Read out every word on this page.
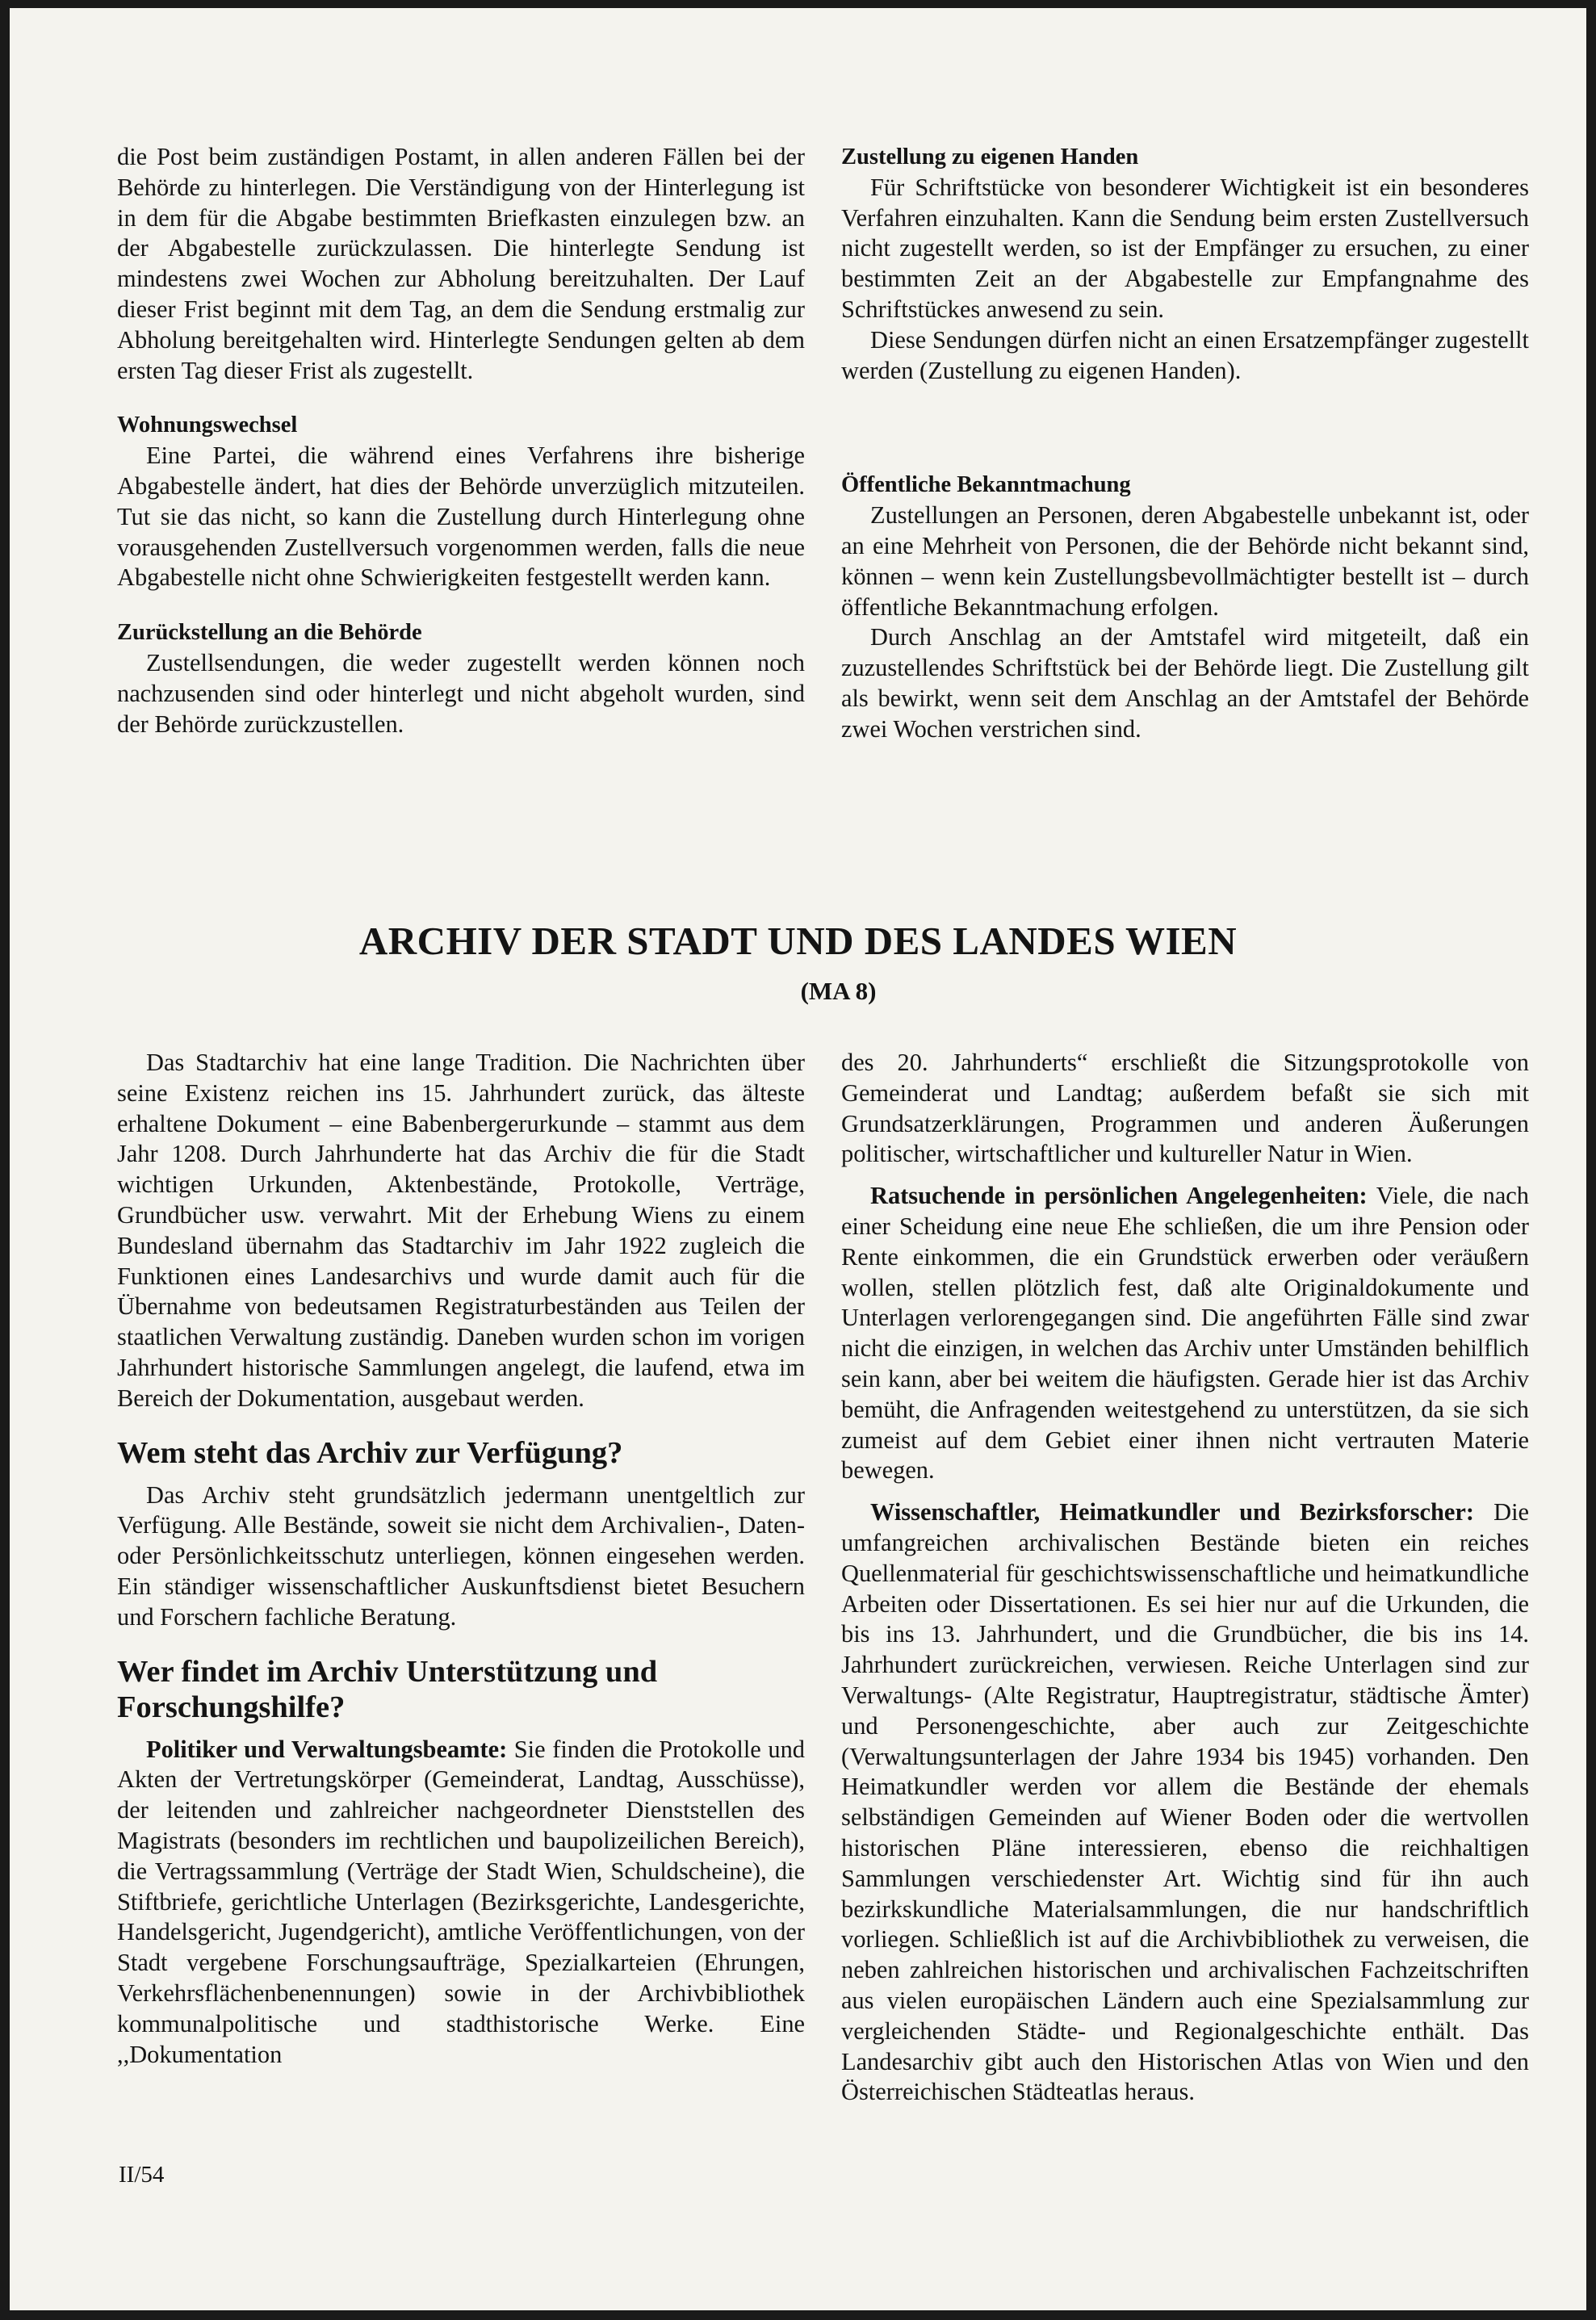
die Post beim zuständigen Postamt, in allen anderen Fällen bei der Behörde zu hinterlegen. Die Verständigung von der Hinterlegung ist in dem für die Abgabe bestimmten Briefkasten einzulegen bzw. an der Abgabestelle zurückzulassen. Die hinterlegte Sendung ist mindestens zwei Wochen zur Abholung bereitzuhalten. Der Lauf dieser Frist beginnt mit dem Tag, an dem die Sendung erstmalig zur Abholung bereitgehalten wird. Hinterlegte Sendungen gelten ab dem ersten Tag dieser Frist als zugestellt.

Wohnungswechsel

Eine Partei, die während eines Verfahrens ihre bisherige Abgabestelle ändert, hat dies der Behörde unverzüglich mitzuteilen. Tut sie das nicht, so kann die Zustellung durch Hinterlegung ohne vorausgehenden Zustellversuch vorgenommen werden, falls die neue Abgabestelle nicht ohne Schwierigkeiten festgestellt werden kann.

Zurückstellung an die Behörde

Zustellsendungen, die weder zugestellt werden können noch nachzusenden sind oder hinterlegt und nicht abgeholt wurden, sind der Behörde zurückzustellen.

Zustellung zu eigenen Handen

Für Schriftstücke von besonderer Wichtigkeit ist ein besonderes Verfahren einzuhalten. Kann die Sendung beim ersten Zustellversuch nicht zugestellt werden, so ist der Empfänger zu ersuchen, zu einer bestimmten Zeit an der Abgabestelle zur Empfangnahme des Schriftstückes anwesend zu sein.

Diese Sendungen dürfen nicht an einen Ersatzempfänger zugestellt werden (Zustellung zu eigenen Handen).

Öffentliche Bekanntmachung

Zustellungen an Personen, deren Abgabestelle unbekannt ist, oder an eine Mehrheit von Personen, die der Behörde nicht bekannt sind, können – wenn kein Zustellungsbevollmächtigter bestellt ist – durch öffentliche Bekanntmachung erfolgen.

Durch Anschlag an der Amtstafel wird mitgeteilt, daß ein zuzustellendes Schriftstück bei der Behörde liegt. Die Zustellung gilt als bewirkt, wenn seit dem Anschlag an der Amtstafel der Behörde zwei Wochen verstrichen sind.

ARCHIV DER STADT UND DES LANDES WIEN
(MA 8)

Das Stadtarchiv hat eine lange Tradition. Die Nachrichten über seine Existenz reichen ins 15. Jahrhundert zurück, das älteste erhaltene Dokument – eine Babenbergerurkunde – stammt aus dem Jahr 1208. Durch Jahrhunderte hat das Archiv die für die Stadt wichtigen Urkunden, Aktenbestände, Protokolle, Verträge, Grundbücher usw. verwahrt. Mit der Erhebung Wiens zu einem Bundesland übernahm das Stadtarchiv im Jahr 1922 zugleich die Funktionen eines Landesarchivs und wurde damit auch für die Übernahme von bedeutsamen Registraturbeständen aus Teilen der staatlichen Verwaltung zuständig. Daneben wurden schon im vorigen Jahrhundert historische Sammlungen angelegt, die laufend, etwa im Bereich der Dokumentation, ausgebaut werden.

Wem steht das Archiv zur Verfügung?

Das Archiv steht grundsätzlich jedermann unentgeltlich zur Verfügung. Alle Bestände, soweit sie nicht dem Archivalien-, Daten- oder Persönlichkeitsschutz unterliegen, können eingesehen werden. Ein ständiger wissenschaftlicher Auskunftsdienst bietet Besuchern und Forschern fachliche Beratung.

Wer findet im Archiv Unterstützung und Forschungshilfe?

Politiker und Verwaltungsbeamte: Sie finden die Protokolle und Akten der Vertretungskörper (Gemeinderat, Landtag, Ausschüsse), der leitenden und zahlreicher nachgeordneter Dienststellen des Magistrats (besonders im rechtlichen und baupolizeilichen Bereich), die Vertragssammlung (Verträge der Stadt Wien, Schuldscheine), die Stiftbriefe, gerichtliche Unterlagen (Bezirksgerichte, Landesgerichte, Handelsgericht, Jugendgericht), amtliche Veröffentlichungen, von der Stadt vergebene Forschungsaufträge, Spezialkarteien (Ehrungen, Verkehrsflächenbenennungen) sowie in der Archivbibliothek kommunalpolitische und stadthistorische Werke. Eine ,,Dokumentation

des 20. Jahrhunderts“ erschließt die Sitzungsprotokolle von Gemeinderat und Landtag; außerdem befaßt sie sich mit Grundsatzerklärungen, Programmen und anderen Äußerungen politischer, wirtschaftlicher und kultureller Natur in Wien.

Ratsuchende in persönlichen Angelegenheiten: Viele, die nach einer Scheidung eine neue Ehe schließen, die um ihre Pension oder Rente einkommen, die ein Grundstück erwerben oder veräußern wollen, stellen plötzlich fest, daß alte Originaldokumente und Unterlagen verlorengegangen sind. Die angeführten Fälle sind zwar nicht die einzigen, in welchen das Archiv unter Umständen behilflich sein kann, aber bei weitem die häufigsten. Gerade hier ist das Archiv bemüht, die Anfragenden weitestgehend zu unterstützen, da sie sich zumeist auf dem Gebiet einer ihnen nicht vertrauten Materie bewegen.

Wissenschaftler, Heimatkundler und Bezirksforscher: Die umfangreichen archivalischen Bestände bieten ein reiches Quellenmaterial für geschichtswissenschaftliche und heimatkundliche Arbeiten oder Dissertationen. Es sei hier nur auf die Urkunden, die bis ins 13. Jahrhundert, und die Grundbücher, die bis ins 14. Jahrhundert zurückreichen, verwiesen. Reiche Unterlagen sind zur Verwaltungs- (Alte Registratur, Hauptregistratur, städtische Ämter) und Personengeschichte, aber auch zur Zeitgeschichte (Verwaltungsunterlagen der Jahre 1934 bis 1945) vorhanden. Den Heimatkundler werden vor allem die Bestände der ehemals selbständigen Gemeinden auf Wiener Boden oder die wertvollen historischen Pläne interessieren, ebenso die reichhaltigen Sammlungen verschiedenster Art. Wichtig sind für ihn auch bezirkskundliche Materialsammlungen, die nur handschriftlich vorliegen. Schließlich ist auf die Archivbibliothek zu verweisen, die neben zahlreichen historischen und archivalischen Fachzeitschriften aus vielen europäischen Ländern auch eine Spezialsammlung zur vergleichenden Städte- und Regionalgeschichte enthält. Das Landesarchiv gibt auch den Historischen Atlas von Wien und den Österreichischen Städteatlas heraus.

II/54
